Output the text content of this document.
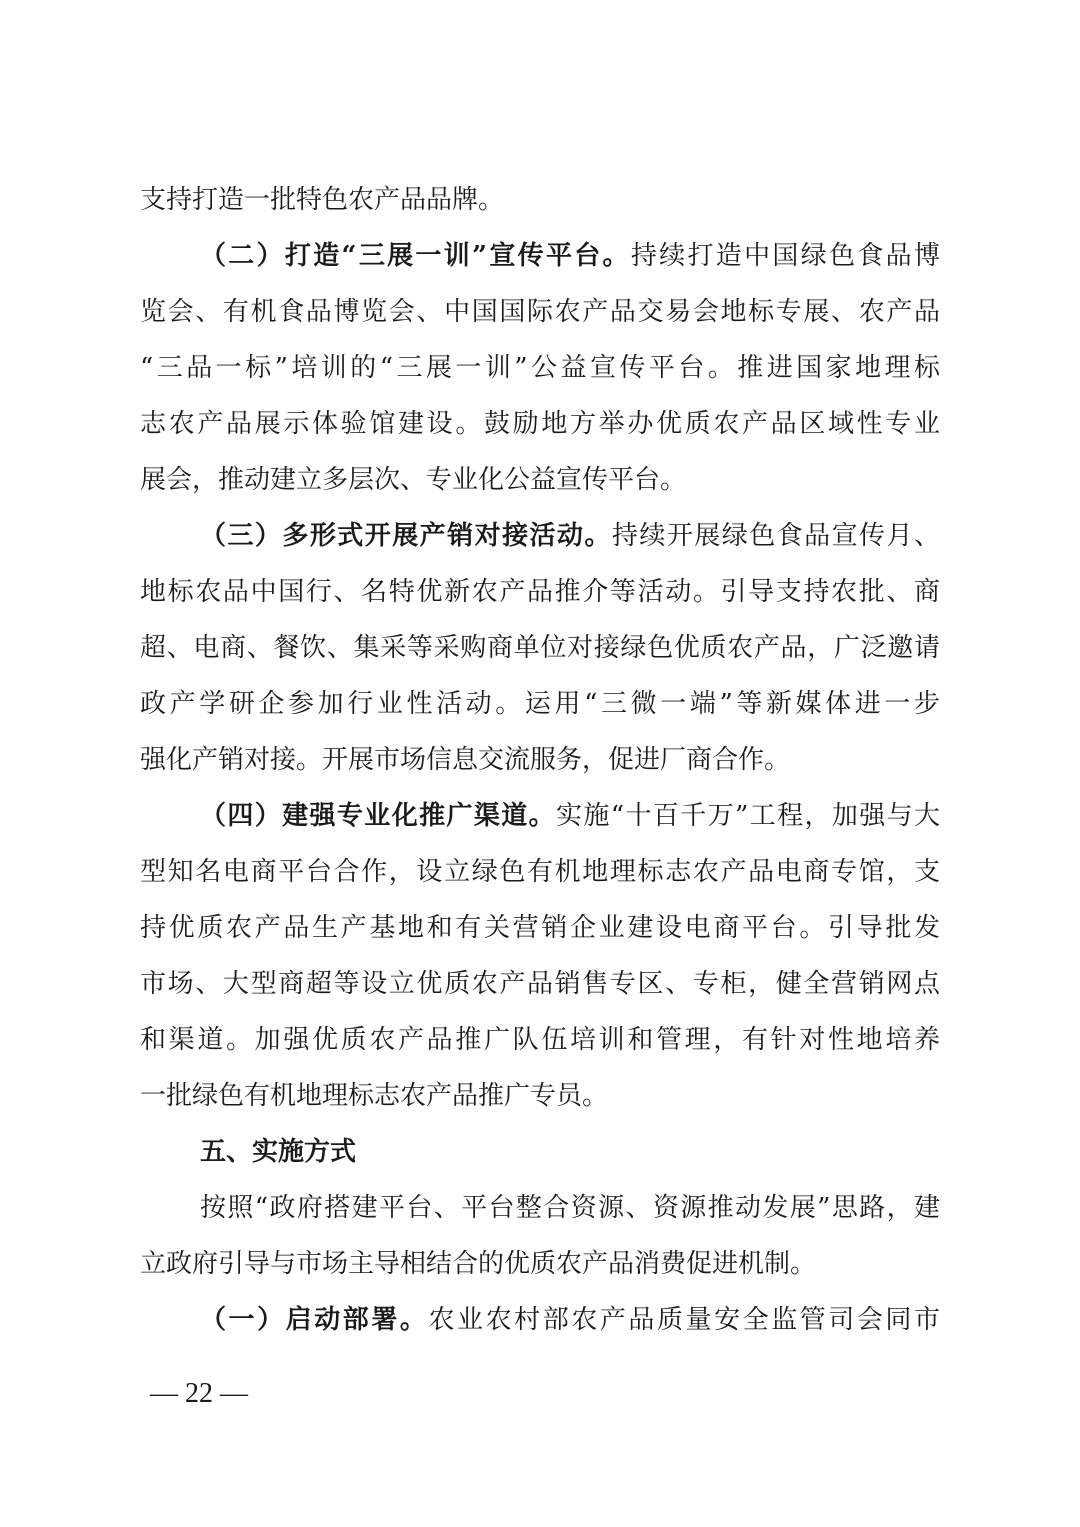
支持打造一批特色农产品品牌。
（二）打造“三展一训”宣传平台。持续打造中国绿色食品博
览会、有机食品博览会、中国国际农产品交易会地标专展、农产品
“三品一标”培训的“三展一训”公益宣传平台。推进国家地理标
志农产品展示体验馆建设。鼓励地方举办优质农产品区域性专业
展会，推动建立多层次、专业化公益宣传平台。
（三）多形式开展产销对接活动。持续开展绿色食品宣传月、
地标农品中国行、名特优新农产品推介等活动。引导支持农批、商
超、电商、餐饮、集采等采购商单位对接绿色优质农产品，广泛邀请
政产学研企参加行业性活动。运用“三微一端”等新媒体进一步
强化产销对接。开展市场信息交流服务，促进厂商合作。
（四）建强专业化推广渠道。实施“十百千万”工程，加强与大
型知名电商平台合作，设立绿色有机地理标志农产品电商专馆，支
持优质农产品生产基地和有关营销企业建设电商平台。引导批发
市场、大型商超等设立优质农产品销售专区、专柜，健全营销网点
和渠道。加强优质农产品推广队伍培训和管理，有针对性地培养
一批绿色有机地理标志农产品推广专员。
五、实施方式
按照“政府搭建平台、平台整合资源、资源推动发展”思路，建
立政府引导与市场主导相结合的优质农产品消费促进机制。
（一）启动部署。农业农村部农产品质量安全监管司会同市
— 22 —
